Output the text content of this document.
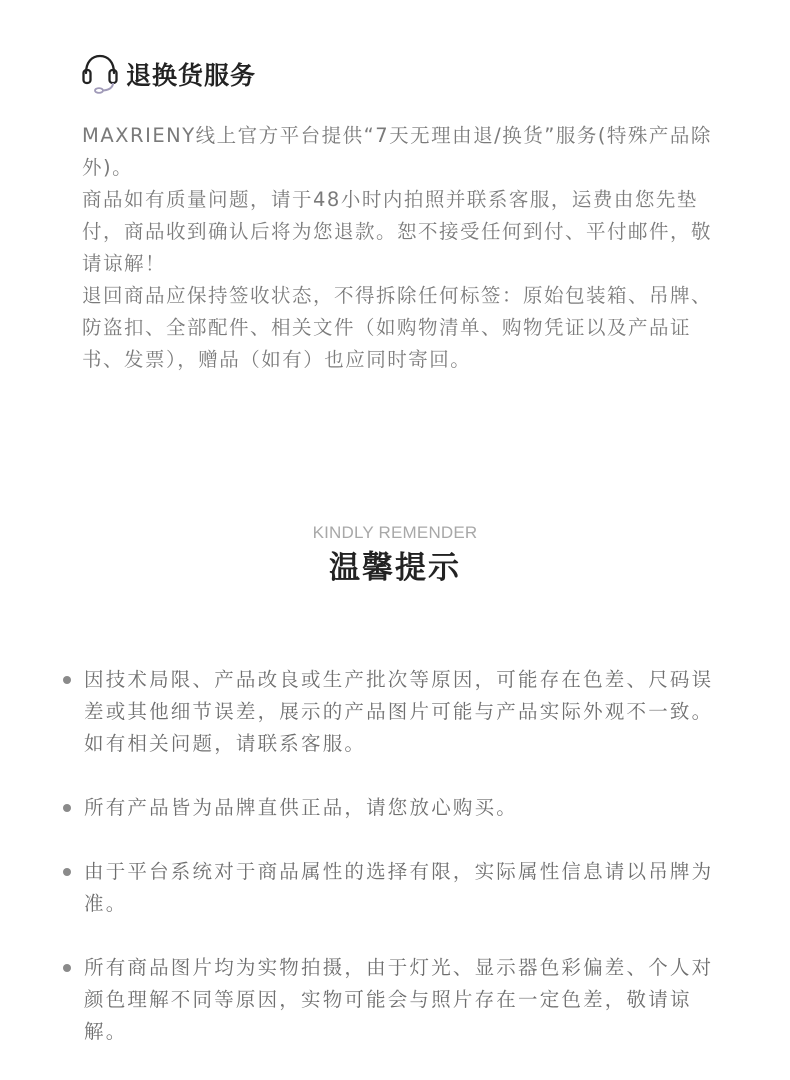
退换货服务

MAXRIENY线上官方平台提供“7天无理由退/换货”服务(特殊产品除外)。

商品如有质量问题，请于48小时内拍照并联系客服，运费由您先垫付，商品收到确认后将为您退款。恕不接受任何到付、平付邮件，敬请谅解！

退回商品应保持签收状态，不得拆除任何标签：原始包装箱、吊牌、防盗扣、全部配件、相关文件（如购物清单、购物凭证以及产品证书、发票），赠品（如有）也应同时寄回。

KINDLY REMENDER
温馨提示
因技术局限、产品改良或生产批次等原因，可能存在色差、尺码误差或其他细节误差，展示的产品图片可能与产品实际外观不一致。如有相关问题，请联系客服。
所有产品皆为品牌直供正品，请您放心购买。
由于平台系统对于商品属性的选择有限，实际属性信息请以吊牌为准。
所有商品图片均为实物拍摄，由于灯光、显示器色彩偏差、个人对颜色理解不同等原因，实物可能会与照片存在一定色差，敬请谅解。
